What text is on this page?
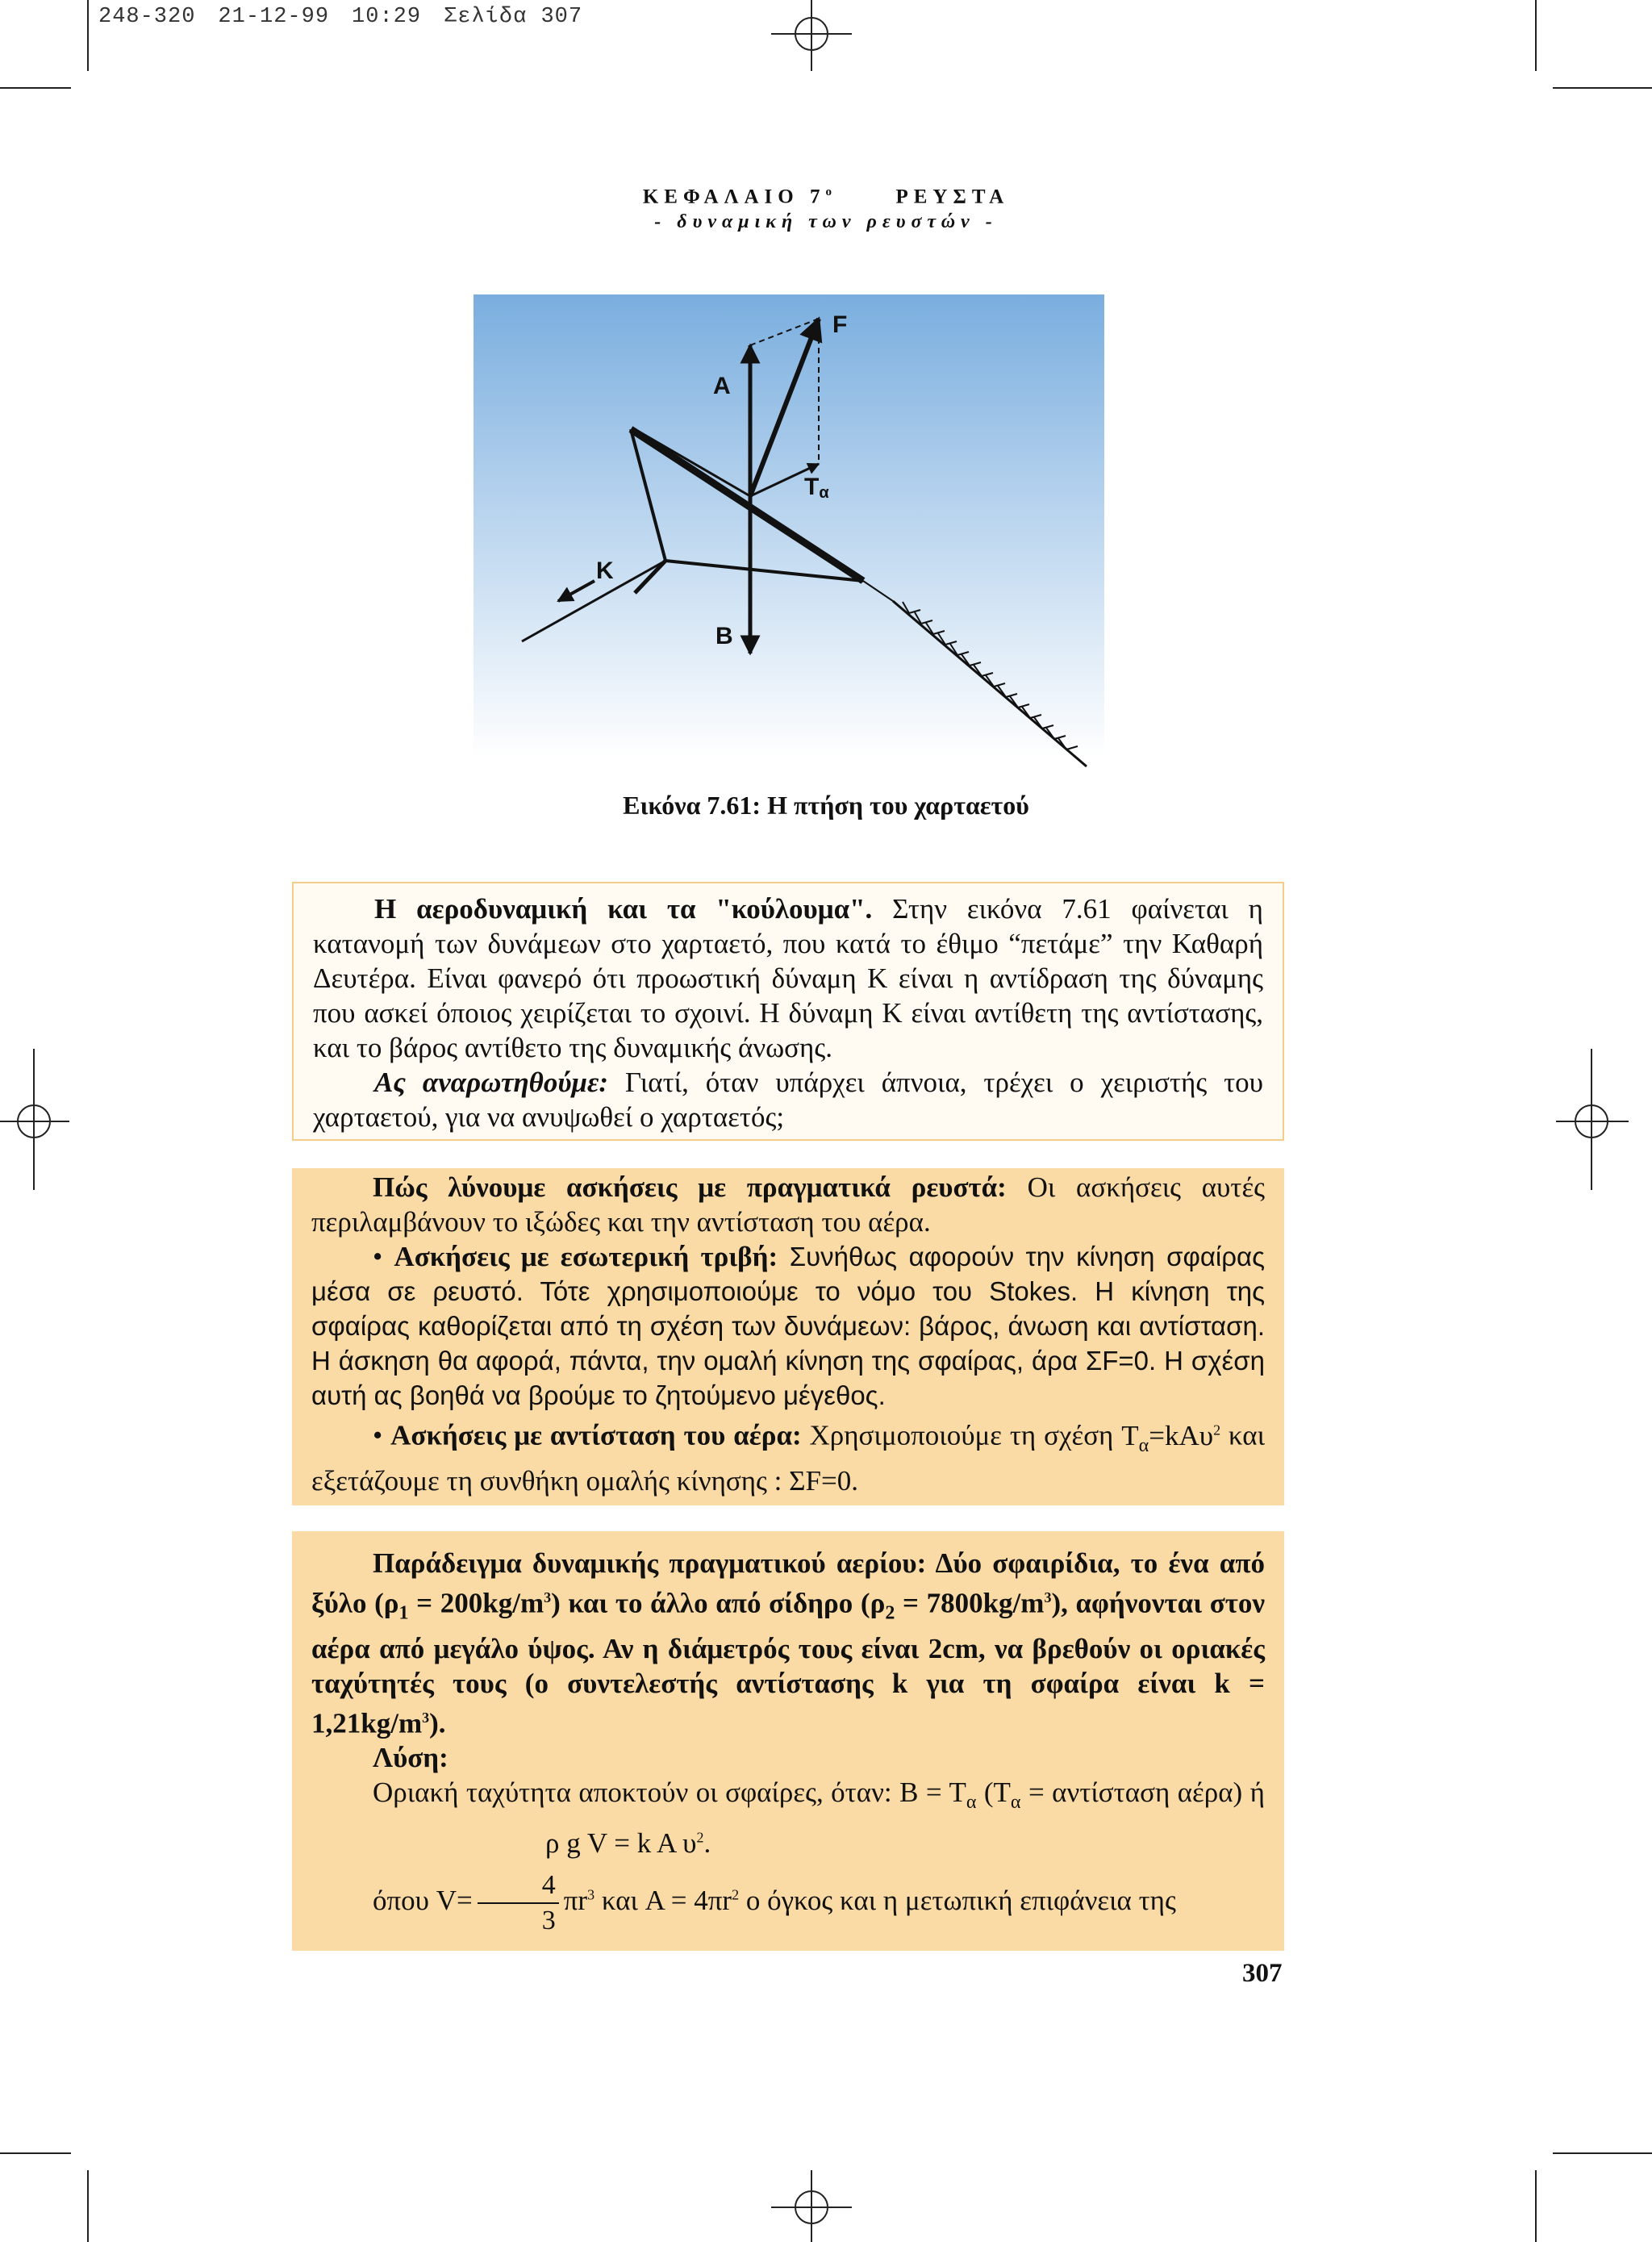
248-320 21-12-99 10:29 Σελίδα 307
ΚΕΦΑΛΑΙΟ $7^o$	ΡΕΥΣΤΑ
- δυναμική των ρευστών -
F
A
Tα
K
B
Εικόνα 7.61: Η πτήση του χαρταετού

Η αεροδυναμική και τα "κούλουμα". Στην εικόνα 7.61 φαίνεται η κατανομή των δυνάμεων στο χαρταετό, που κατά το έθιμο “πετάμε” την Καθαρή Δευτέρα. Είναι φανερό ότι προωστική δύναμη Κ είναι η αντίδραση της δύναμης που ασκεί όποιος χειρίζεται το σχοινί. Η δύναμη Κ είναι αντίθετη της αντίστασης, και το βάρος αντίθετο της δυναμικής άνωσης.

Ας αναρωτηθούμε: Γιατί, όταν υπάρχει άπνοια, τρέχει ο χειριστής του χαρταετού, για να ανυψωθεί ο χαρταετός;

Πώς λύνουμε ασκήσεις με πραγματικά ρευστά: Οι ασκήσεις αυτές περιλαμβάνουν το ιξώδες και την αντίσταση του αέρα.

• Ασκήσεις με εσωτερική τριβή: Συνήθως αφορούν την κίνηση σφαίρας μέσα σε ρευστό. Τότε χρησιμοποιούμε το νόμο του Stokes. Η κίνηση της σφαίρας καθορίζεται από τη σχέση των δυνάμεων: βάρος, άνωση και αντίσταση. Η άσκηση θα αφορά, πάντα, την ομαλή κίνηση της σφαίρας, άρα ΣF=0. Η σχέση αυτή ας βοηθά να βρούμε το ζητούμενο μέγεθος.

• Ασκήσεις με αντίσταση του αέρα: Χρησιμοποιούμε τη σχέση $T_\alpha=kA\upsilon^2$ και εξετάζουμε τη συνθήκη ομαλής κίνησης : ΣF=0.

Παράδειγμα δυναμικής πραγματικού αερίου: Δύο σφαιρίδια, το ένα από ξύλο $(\rho_1 = 200kg/m^3)$ και το άλλο από σίδηρο $(\rho_2 = 7800kg/m^3)$, αφήνονται στον αέρα από μεγάλο ύψος. Αν η διάμετρός τους είναι 2cm, να βρεθούν οι οριακές ταχύτητές τους (ο συντελεστής αντίστασης k για τη σφαίρα είναι $k = 1,21kg/m^3$).

Λύση:

Οριακή ταχύτητα αποκτούν οι σφαίρες, όταν: $B = T_\alpha$ ($T_\alpha = \alpha\nu\tau ί\sigma\tau\alpha\sigma\eta$ αέρα) ήρ g V = k A $\upsilon^2$.

όπου $V= \frac{4}{3} \pi r^3$ και $A = 4\pi r^2$ ο όγκος και η μετωπική επιφάνεια της

307
